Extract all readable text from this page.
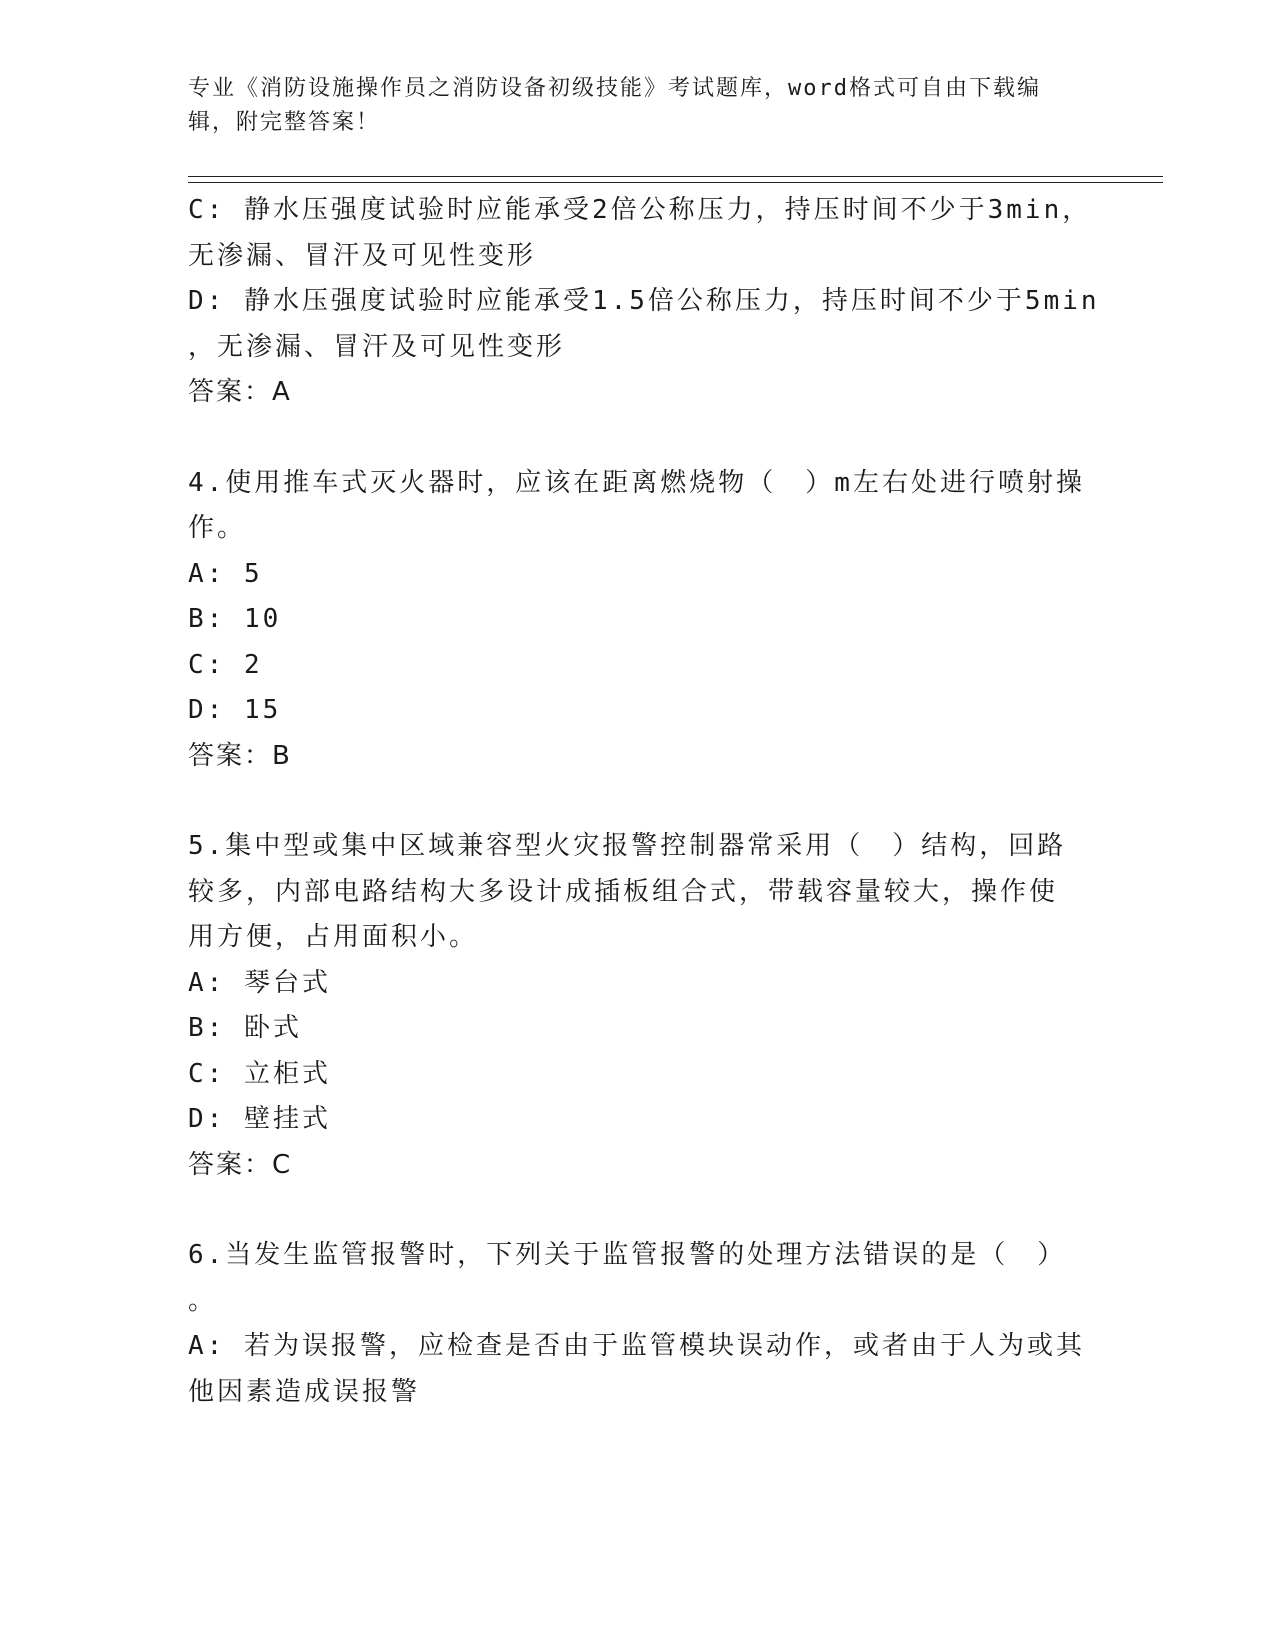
专业《消防设施操作员之消防设备初级技能》考试题库，word格式可自由下载编
辑，附完整答案！
C: 静水压强度试验时应能承受2倍公称压力，持压时间不少于3min，
无渗漏、冒汗及可见性变形
D: 静水压强度试验时应能承受1.5倍公称压力，持压时间不少于5min
，无渗漏、冒汗及可见性变形
答案：A
4.使用推车式灭火器时，应该在距离燃烧物（　）m左右处进行喷射操
作。
A: 5
B: 10
C: 2
D: 15
答案：B
5.集中型或集中区域兼容型火灾报警控制器常采用（　）结构，回路
较多，内部电路结构大多设计成插板组合式，带载容量较大，操作使
用方便，占用面积小。
A: 琴台式
B: 卧式
C: 立柜式
D: 壁挂式
答案：C
6.当发生监管报警时，下列关于监管报警的处理方法错误的是（　）
。
A: 若为误报警，应检查是否由于监管模块误动作，或者由于人为或其
他因素造成误报警
